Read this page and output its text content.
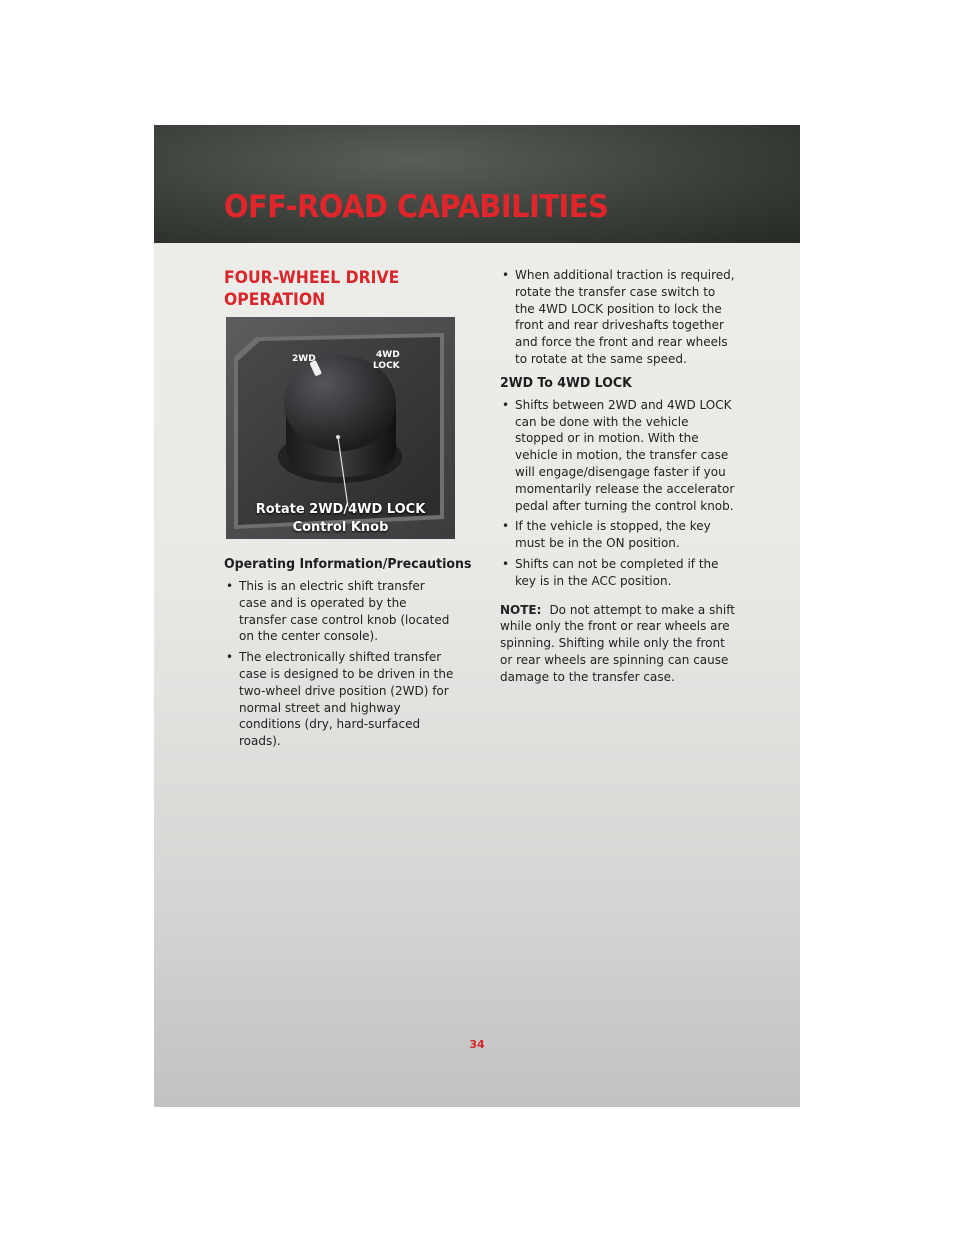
OFF-ROAD CAPABILITIES
FOUR-WHEEL DRIVE OPERATION
2WD	4WD
LOCK
Rotate 2WD/4WD LOCK
Control Knob

Operating Information/Precautions

• This is an electric shift transfer case and is operated by the transfer case control knob (located on the center console).
• The electronically shifted transfer case is designed to be driven in the two-wheel drive position (2WD) for normal street and highway conditions (dry, hard-surfaced roads).
• When additional traction is required, rotate the transfer case switch to the 4WD LOCK position to lock the front and rear driveshafts together and force the front and rear wheels to rotate at the same speed.

2WD To 4WD LOCK

• Shifts between 2WD and 4WD LOCK can be done with the vehicle stopped or in motion. With the vehicle in motion, the transfer case will engage/disengage faster if you momentarily release the accelerator pedal after turning the control knob.
• If the vehicle is stopped, the key must be in the ON position.
• Shifts can not be completed if the key is in the ACC position.
NOTE: Do not attempt to make a shift while only the front or rear wheels are spinning. Shifting while only the front or rear wheels are spinning can cause damage to the transfer case.
34
